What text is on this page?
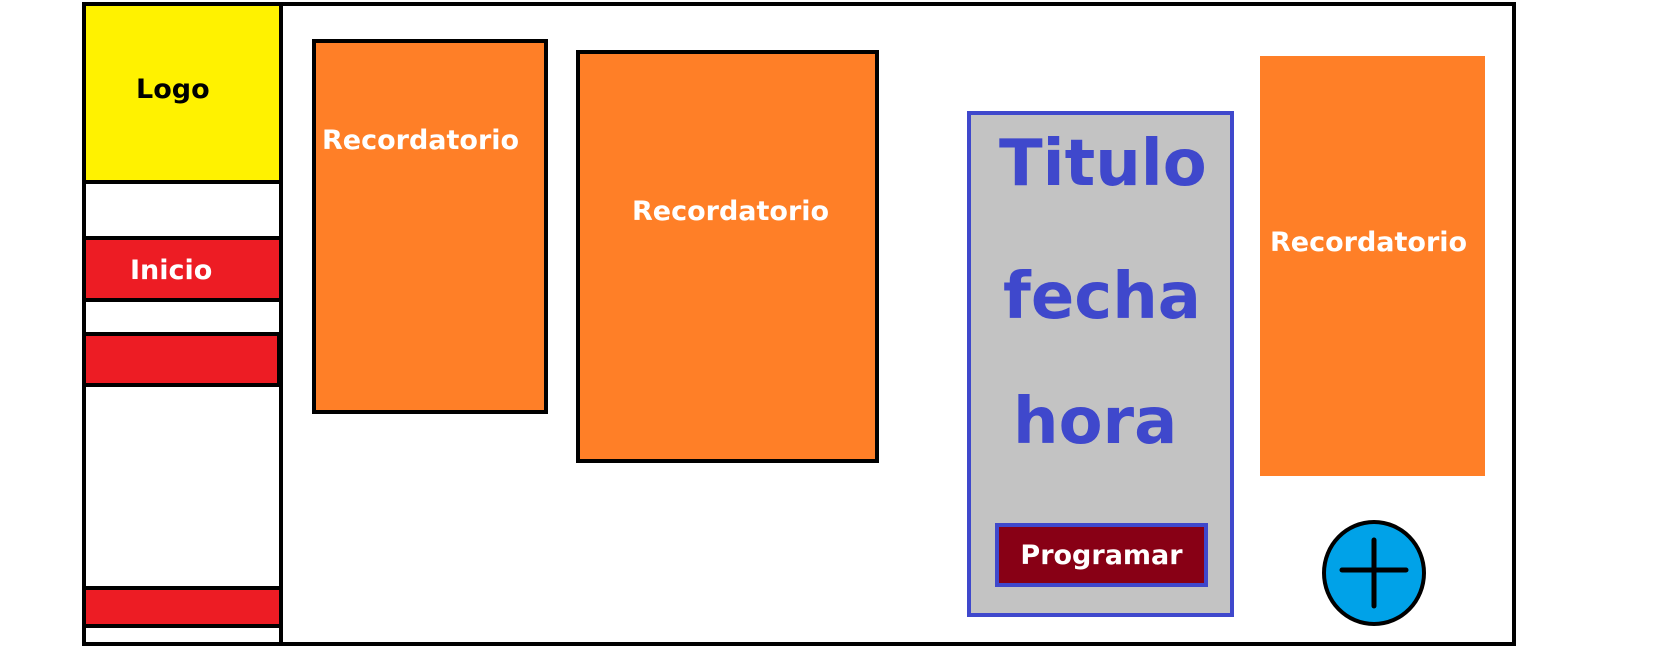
Logo
Inicio
Recordatorio
Recordatorio
Recordatorio
Titulo
fecha
hora
Programar
